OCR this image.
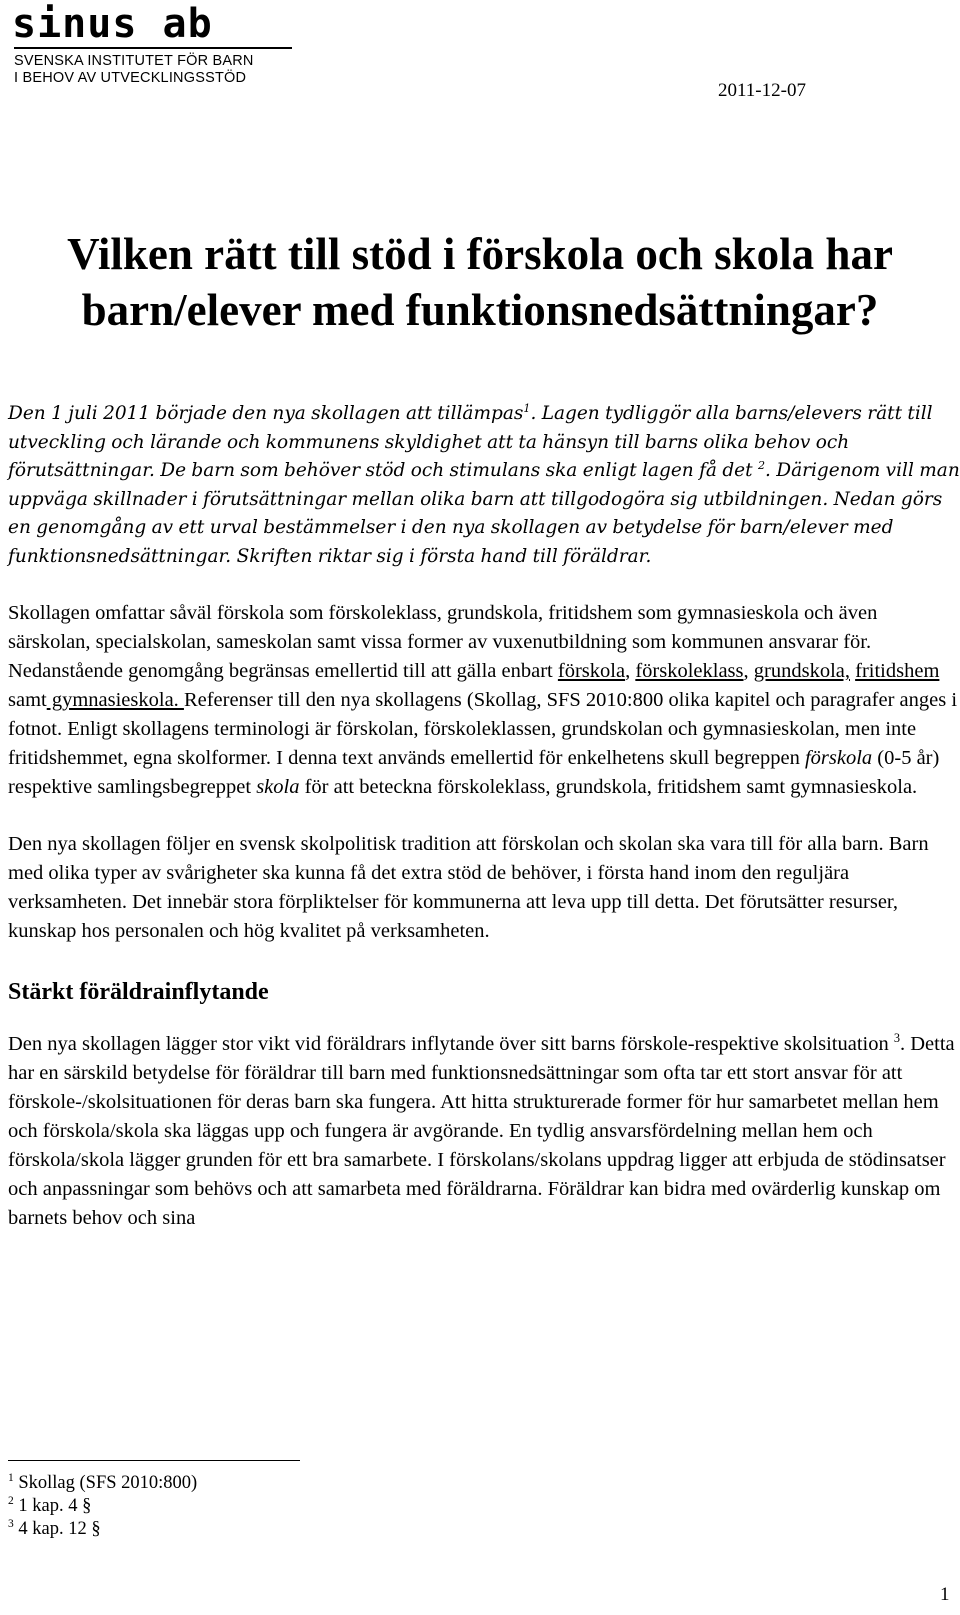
sinus ab
SVENSKA INSTITUTET FÖR BARN
I BEHOV AV UTVECKLINGSSTÖD
2011-12-07
Vilken rätt till stöd i förskola och skola har
barn/elever med funktionsnedsättningar?

Den 1 juli 2011 började den nya skollagen att tillämpas$^1$. Lagen tydliggör alla barns/elevers rätt till utveckling och lärande och kommunens skyldighet att ta hänsyn till barns olika behov och förutsättningar. De barn som behöver stöd och stimulans ska enligt lagen få det $^2$. Därigenom vill man uppväga skillnader i förutsättningar mellan olika barn att tillgodogöra sig utbildningen. Nedan görs en genomgång av ett urval bestämmelser i den nya skollagen av betydelse för barn/elever med funktionsnedsättningar. Skriften riktar sig i första hand till föräldrar.

Skollagen omfattar såväl förskola som förskoleklass, grundskola, fritidshem som gymnasieskola och även särskolan, specialskolan, sameskolan samt vissa former av vuxenutbildning som kommunen ansvarar för. Nedanstående genomgång begränsas emellertid till att gälla enbart förskola, förskoleklass, grundskola, fritidshem samt gymnasieskola. Referenser till den nya skollagens (Skollag, SFS 2010:800 olika kapitel och paragrafer anges i fotnot. Enligt skollagens terminologi är förskolan, förskoleklassen, grundskolan och gymnasieskolan, men inte fritidshemmet, egna skolformer. I denna text används emellertid för enkelhetens skull begreppen förskola (0-5 år) respektive samlingsbegreppet skola för att beteckna förskoleklass, grundskola, fritidshem samt gymnasieskola.

Den nya skollagen följer en svensk skolpolitisk tradition att förskolan och skolan ska vara till för alla barn. Barn med olika typer av svårigheter ska kunna få det extra stöd de behöver, i första hand inom den reguljära verksamheten. Det innebär stora förpliktelser för kommunerna att leva upp till detta. Det förutsätter resurser, kunskap hos personalen och hög kvalitet på verksamheten.

Stärkt föräldrainflytande

Den nya skollagen lägger stor vikt vid föräldrars inflytande över sitt barns förskole-respektive skolsituation $^3$. Detta har en särskild betydelse för föräldrar till barn med funktionsnedsättningar som ofta tar ett stort ansvar för att förskole-/skolsituationen för deras barn ska fungera. Att hitta strukturerade former för hur samarbetet mellan hem och förskola/skola ska läggas upp och fungera är avgörande. En tydlig ansvarsfördelning mellan hem och förskola/skola lägger grunden för ett bra samarbete. I förskolans/skolans uppdrag ligger att erbjuda de stödinsatser och anpassningar som behövs och att samarbeta med föräldrarna. Föräldrar kan bidra med ovärderlig kunskap om barnets behov och sina

$^1$ Skollag (SFS 2010:800)
$^2$ 1 kap. 4 §
$^3$ 4 kap. 12 §
1
